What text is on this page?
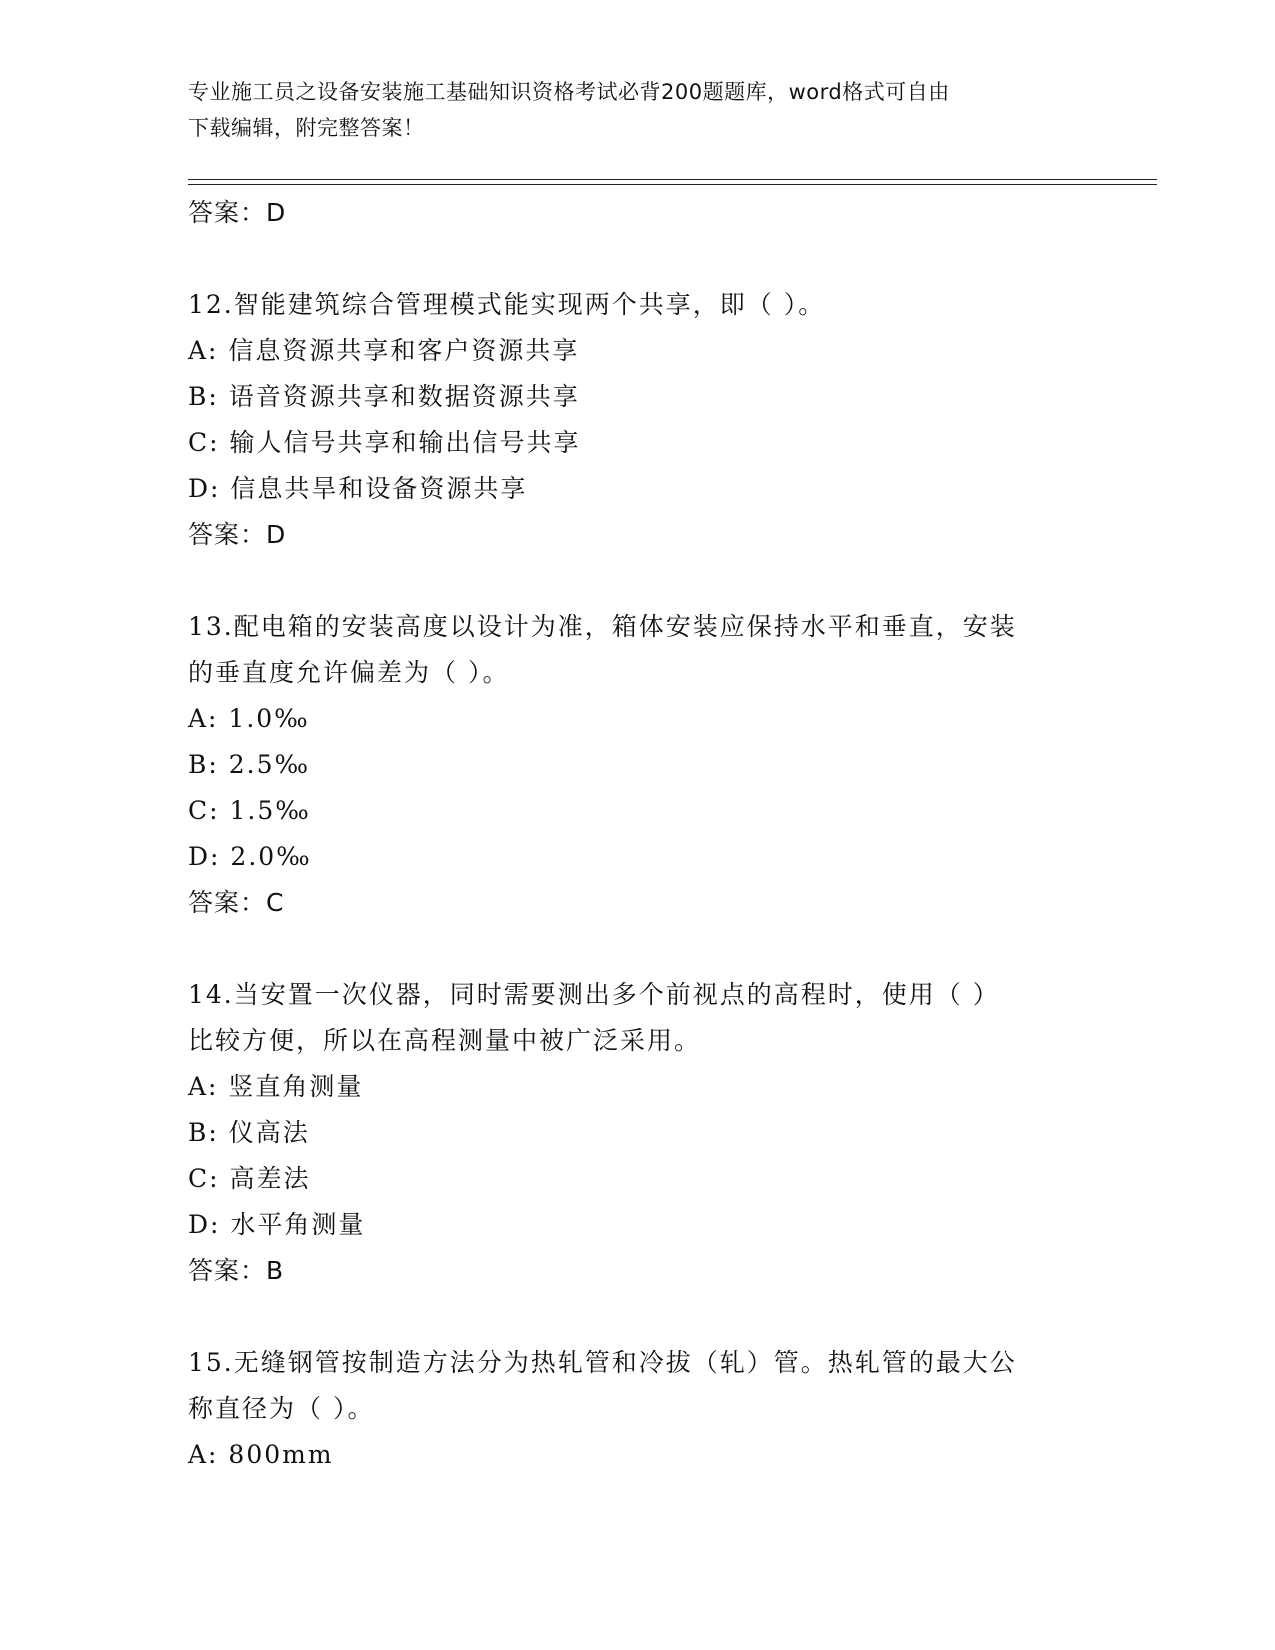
专业施工员之设备安装施工基础知识资格考试必背200题题库，word格式可自由
下载编辑，附完整答案！
答案：D
12.智能建筑综合管理模式能实现两个共享，即（ ）。
A: 信息资源共享和客户资源共享
B: 语音资源共享和数据资源共享
C: 输人信号共享和输出信号共享
D: 信息共旱和设备资源共享
答案：D
13.配电箱的安装高度以设计为准，箱体安装应保持水平和垂直，安装
的垂直度允许偏差为（ ）。
A: 1.0‰
B: 2.5‰
C: 1.5‰
D: 2.0‰
答案：C
14.当安置一次仪器，同时需要测出多个前视点的高程时，使用（ ）
比较方便，所以在高程测量中被广泛采用。
A: 竖直角测量
B: 仪高法
C: 高差法
D: 水平角测量
答案：B
15.无缝钢管按制造方法分为热轧管和冷拔（轧）管。热轧管的最大公
称直径为（ ）。
A: 800mm
